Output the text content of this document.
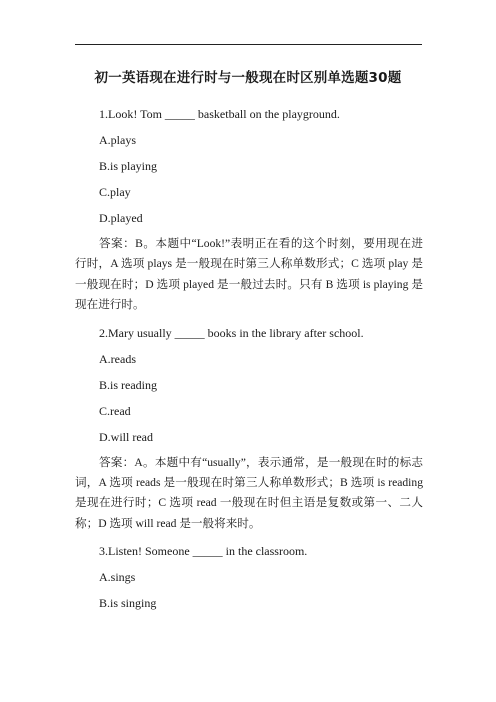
初一英语现在进行时与一般现在时区别单选题30题

1.Look! Tom _____ basketball on the playground.

A.plays

B.is playing

C.play

D.played

答案：B。本题中“Look!”表明正在看的这个时刻，要用现在进行时，A 选项 plays 是一般现在时第三人称单数形式；C 选项 play 是一般现在时；D 选项 played 是一般过去时。只有 B 选项 is playing 是现在进行时。

2.Mary usually _____ books in the library after school.

A.reads

B.is reading

C.read

D.will read

答案：A。本题中有“usually”，表示通常，是一般现在时的标志词，A 选项 reads 是一般现在时第三人称单数形式；B 选项 is reading 是现在进行时；C 选项 read 一般现在时但主语是复数或第一、二人称；D 选项 will read 是一般将来时。

3.Listen! Someone _____ in the classroom.

A.sings

B.is singing
